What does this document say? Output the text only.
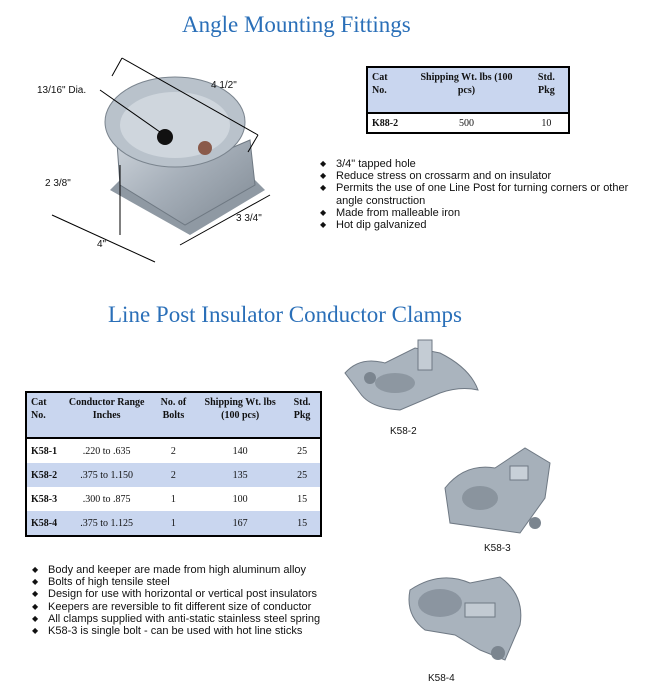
Angle Mounting Fittings
13/16" Dia.	4 1/2"
2 3/8"
3 3/4"
4"
Cat No.	Shipping Wt. lbs (100 pcs)	Std. Pkg
K88-2	500	10
◆ 3/4" tapped hole
◆ Reduce stress on crossarm and on insulator
◆ Permits the use of one Line Post for turning corners or other angle construction
◆ Made from malleable iron
◆ Hot dip galvanized
Line Post Insulator Conductor Clamps
Cat No.	Conductor Range Inches	No. of Bolts	Shipping Wt. lbs (100 pcs)	Std. Pkg
K58-1	.220 to .635	2	140	25
K58-2	.375 to 1.150	2	135	25
K58-3	.300 to .875	1	100	15
K58-4	.375 to 1.125	1	167	15
K58-2
K58-3
K58-4
◆ Body and keeper are made from high aluminum alloy
◆ Bolts of high tensile steel
◆ Design for use with horizontal or vertical post insulators
◆ Keepers are reversible to fit different size of conductor
◆ All clamps supplied with anti-static stainless steel spring
◆ K58-3 is single bolt - can be used with hot line sticks
